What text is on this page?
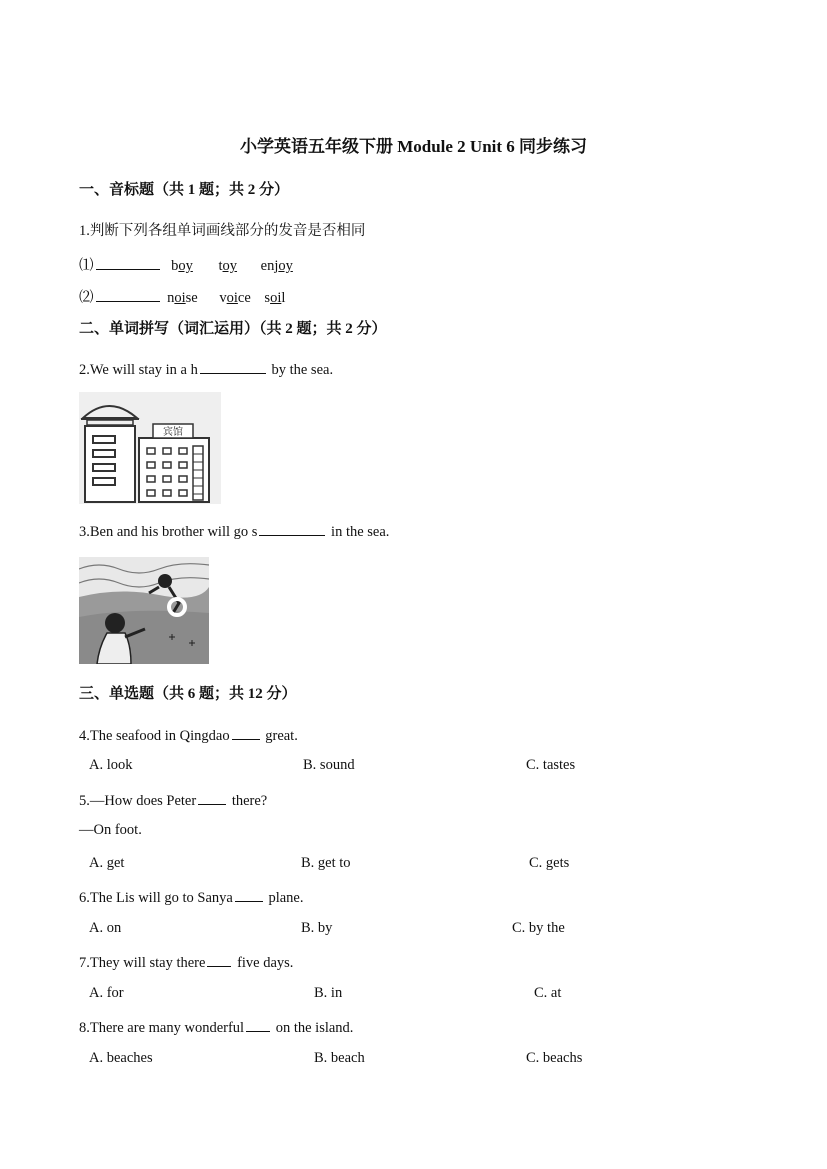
小学英语五年级下册 Module 2 Unit 6 同步练习
一、音标题（共 1 题；共 2 分）
1.判断下列各组单词画线部分的发音是否相同
⑴	boy toy enjoy
⑵	noise voice soil
二、单词拼写（词汇运用）（共 2 题；共 2 分）
2.We will stay in a h	by the sea.
宾馆
3.Ben and his brother will go s	in the sea.
三、单选题（共 6 题；共 12 分）
4.The seafood in Qingdao great.
A. look	B. sound	C. tastes
5.—How does Peter there?
—On foot.
A. get	B. get to	C. gets
6.The Lis will go to Sanya plane.
A. on	B. by	C. by the
7.They will stay there five days.
A. for	B. in	C. at
8.There are many wonderful on the island.
A. beaches	B. beach	C. beachs
